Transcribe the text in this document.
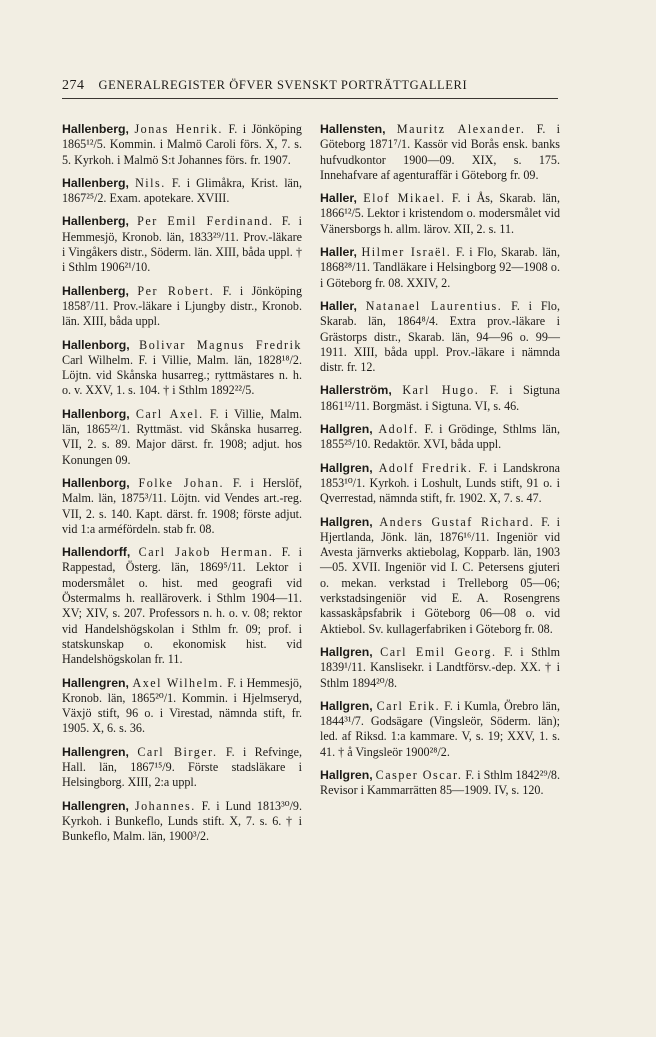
274 GENERALREGISTER ÖFVER SVENSKT PORTRÄTTGALLERI

Hallenberg, Jonas Henrik. F. i Jönköping 1865¹²/5. Kommin. i Malmö Caroli förs. X, 7. s. 5. Kyrkoh. i Malmö S:t Johannes förs. fr. 1907.

Hallenberg, Nils. F. i Glimåkra, Krist. län, 1867²⁵/2. Exam. apotekare. XVIII.

Hallenberg, Per Emil Ferdinand. F. i Hemmesjö, Kronob. län, 1833²⁹/11. Prov.-läkare i Vingåkers distr., Söderm. län. XIII, båda uppl. † i Sthlm 1906²¹/10.

Hallenberg, Per Robert. F. i Jönköping 1858⁷/11. Prov.-läkare i Ljungby distr., Kronob. län. XIII, båda uppl.

Hallenborg, Bolivar Magnus Fredrik Carl Wilhelm. F. i Villie, Malm. län, 1828¹⁸/2. Löjtn. vid Skånska husarreg.; ryttmästares n. h. o. v. XXV, 1. s. 104. † i Sthlm 1892²²/5.

Hallenborg, Carl Axel. F. i Villie, Malm. län, 1865²²/1. Ryttmäst. vid Skånska husarreg. VII, 2. s. 89. Major därst. fr. 1908; adjut. hos Konungen 09.

Hallenborg, Folke Johan. F. i Herslöf, Malm. län, 1875³/11. Löjtn. vid Vendes art.-reg. VII, 2. s. 140. Kapt. därst. fr. 1908; förste adjut. vid 1:a arméfördeln. stab fr. 08.

Hallendorff, Carl Jakob Herman. F. i Rappestad, Österg. län, 1869⁵/11. Lektor i modersmålet o. hist. med geografi vid Östermalms h. realläroverk. i Sthlm 1904—11. XV; XIV, s. 207. Professors n. h. o. v. 08; rektor vid Handelshögskolan i Sthlm fr. 09; prof. i statskunskap o. ekonomisk hist. vid Handelshögskolan fr. 11.

Hallengren, Axel Wilhelm. F. i Hemmesjö, Kronob. län, 1865²⁰/1. Kommin. i Hjelmseryd, Växjö stift, 96 o. i Virestad, nämnda stift, fr. 1905. X, 6. s. 36.

Hallengren, Carl Birger. F. i Refvinge, Hall. län, 1867¹⁵/9. Förste stadsläkare i Helsingborg. XIII, 2:a uppl.

Hallengren, Johannes. F. i Lund 1813³⁰/9. Kyrkoh. i Bunkeflo, Lunds stift. X, 7. s. 6. † i Bunkeflo, Malm. län, 1900³/2.

Hallensten, Mauritz Alexander. F. i Göteborg 1871⁷/1. Kassör vid Borås ensk. banks hufvudkontor 1900—09. XIX, s. 175. Innehafvare af agenturaffär i Göteborg fr. 09.

Haller, Elof Mikael. F. i Ås, Skarab. län, 1866¹²/5. Lektor i kristendom o. modersmålet vid Vänersborgs h. allm. lärov. XII, 2. s. 11.

Haller, Hilmer Israël. F. i Flo, Skarab. län, 1868²⁸/11. Tandläkare i Helsingborg 92—1908 o. i Göteborg fr. 08. XXIV, 2.

Haller, Natanael Laurentius. F. i Flo, Skarab. län, 1864⁸/4. Extra prov.-läkare i Grästorps distr., Skarab. län, 94—96 o. 99—1911. XIII, båda uppl. Prov.-läkare i nämnda distr. fr. 12.

Hallerström, Karl Hugo. F. i Sigtuna 1861¹²/11. Borgmäst. i Sigtuna. VI, s. 46.

Hallgren, Adolf. F. i Grödinge, Sthlms län, 1855²⁵/10. Redaktör. XVI, båda uppl.

Hallgren, Adolf Fredrik. F. i Landskrona 1853¹⁰/1. Kyrkoh. i Loshult, Lunds stift, 91 o. i Qverrestad, nämnda stift, fr. 1902. X, 7. s. 47.

Hallgren, Anders Gustaf Richard. F. i Hjertlanda, Jönk. län, 1876¹⁶/11. Ingeniör vid Avesta järnverks aktiebolag, Kopparb. län, 1903—05. XVII. Ingeniör vid I. C. Petersens gjuteri o. mekan. verkstad i Trelleborg 05—06; verkstadsingeniör vid E. A. Rosengrens kassaskåpsfabrik i Göteborg 06—08 o. vid Aktiebol. Sv. kullagerfabriken i Göteborg fr. 08.

Hallgren, Carl Emil Georg. F. i Sthlm 1839¹/11. Kanslisekr. i Landtförsv.-dep. XX. † i Sthlm 1894²⁰/8.

Hallgren, Carl Erik. F. i Kumla, Örebro län, 1844³¹/7. Godsägare (Vingsleör, Söderm. län); led. af Riksd. 1:a kammare. V, s. 19; XXV, 1. s. 41. † å Vingsleör 1900²⁸/2.

Hallgren, Casper Oscar. F. i Sthlm 1842²⁹/8. Revisor i Kammarrätten 85—1909. IV, s. 120.
